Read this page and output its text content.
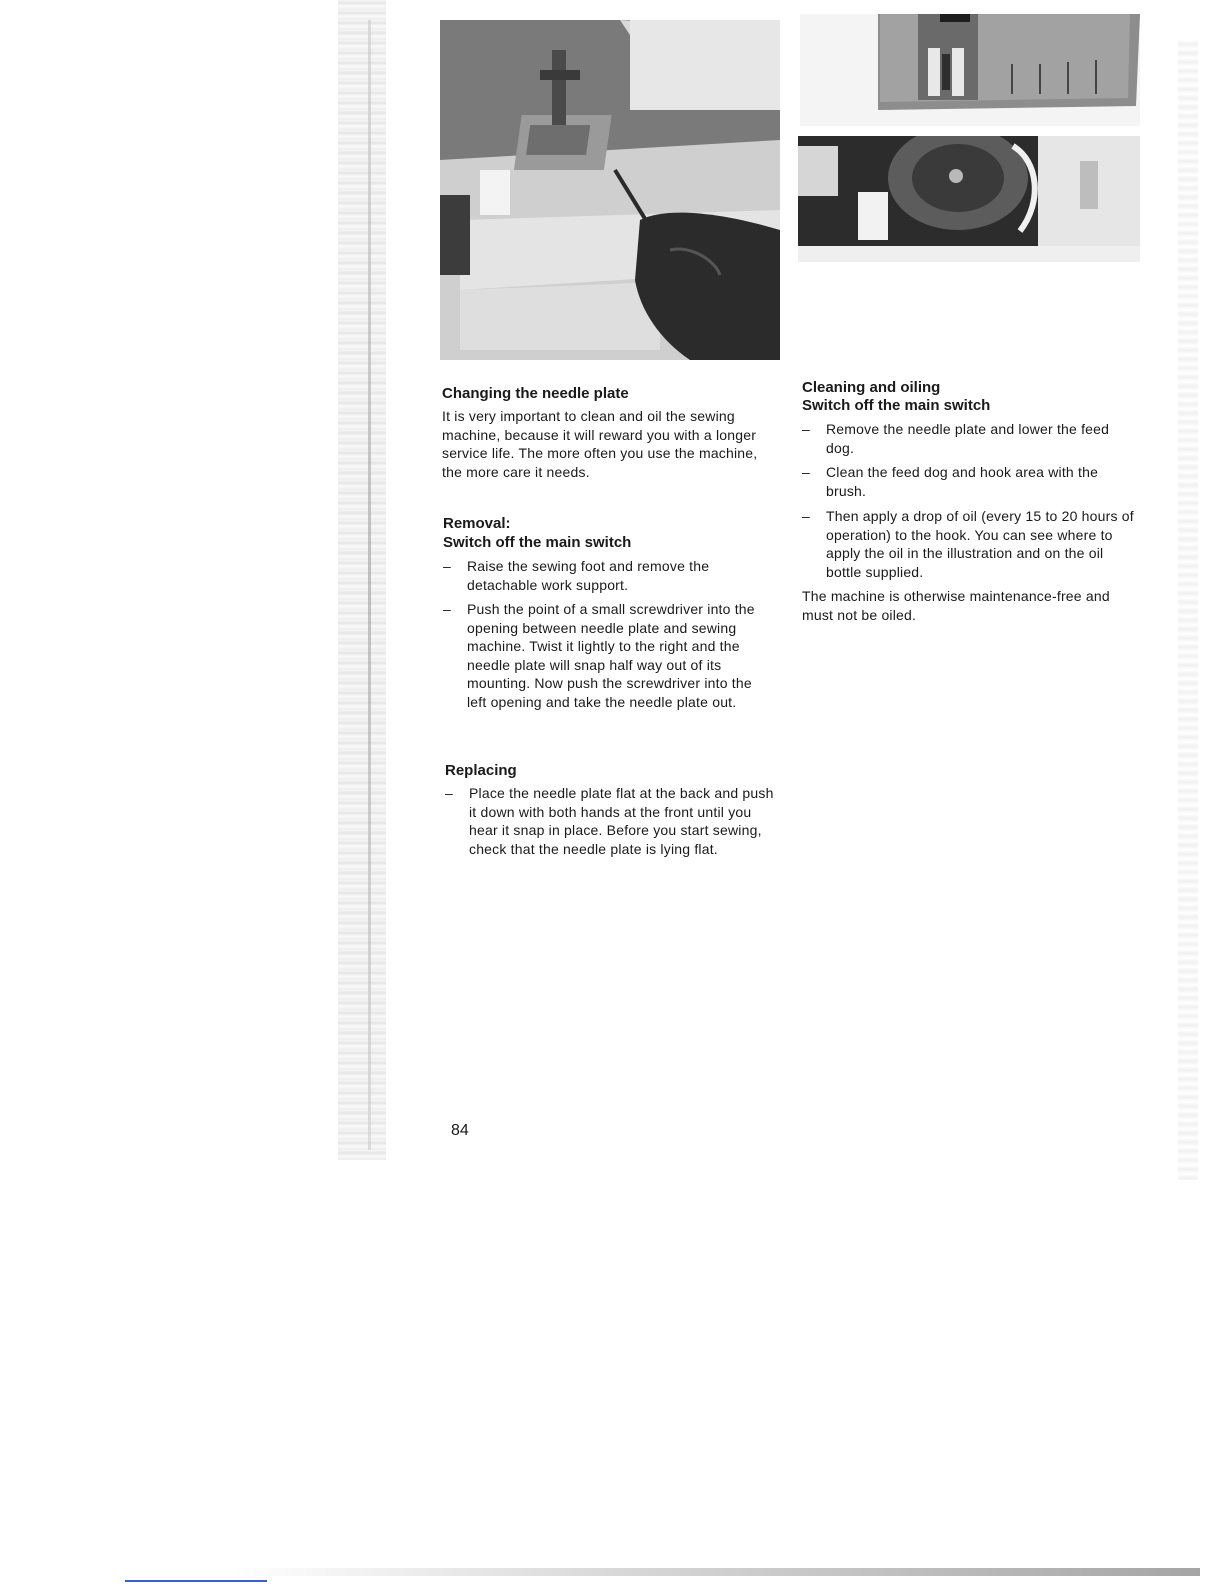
Changing the needle plate

It is very important to clean and oil the sewing machine, because it will reward you with a longer service life. The more often you use the machine, the more care it needs.

Removal:
Switch off the main switch
– Raise the sewing foot and remove the detachable work support.
– Push the point of a small screwdriver into the opening between needle plate and sewing machine. Twist it lightly to the right and the needle plate will snap half way out of its mounting. Now push the screwdriver into the left opening and take the needle plate out.
Replacing
– Place the needle plate flat at the back and push it down with both hands at the front until you hear it snap in place. Before you start sewing, check that the needle plate is lying flat.
Cleaning and oiling
Switch off the main switch
– Remove the needle plate and lower the feed dog.
– Clean the feed dog and hook area with the brush.
– Then apply a drop of oil (every 15 to 20 hours of operation) to the hook. You can see where to apply the oil in the illustration and on the oil bottle supplied.

The machine is otherwise maintenance-free and must not be oiled.

84
